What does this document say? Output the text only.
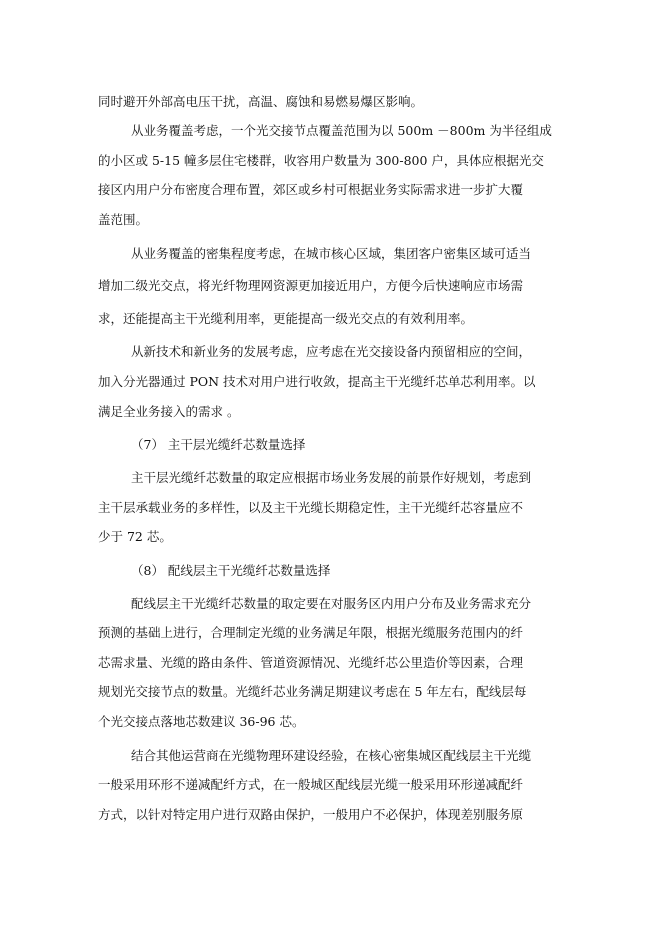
同时避开外部高电压干扰，高温、腐蚀和易燃易爆区影响。
从业务覆盖考虑，一个光交接节点覆盖范围为以 500m －800m 为半径组成
的小区或 5-15 幢多层住宅楼群，收容用户数量为 300-800 户，具体应根据光交
接区内用户分布密度合理布置，郊区或乡村可根据业务实际需求进一步扩大覆
盖范围。
从业务覆盖的密集程度考虑，在城市核心区域，集团客户密集区域可适当
增加二级光交点，将光纤物理网资源更加接近用户，方便今后快速响应市场需
求，还能提高主干光缆利用率，更能提高一级光交点的有效利用率。
从新技术和新业务的发展考虑，应考虑在光交接设备内预留相应的空间，
加入分光器通过 PON 技术对用户进行收敛，提高主干光缆纤芯单芯利用率。以
满足全业务接入的需求 。
（7） 主干层光缆纤芯数量选择
主干层光缆纤芯数量的取定应根据市场业务发展的前景作好规划，考虑到
主干层承载业务的多样性，以及主干光缆长期稳定性，主干光缆纤芯容量应不
少于 72 芯。
（8） 配线层主干光缆纤芯数量选择
配线层主干光缆纤芯数量的取定要在对服务区内用户分布及业务需求充分
预测的基础上进行，合理制定光缆的业务满足年限，根据光缆服务范围内的纤
芯需求量、光缆的路由条件、管道资源情况、光缆纤芯公里造价等因素，合理
规划光交接节点的数量。光缆纤芯业务满足期建议考虑在 5 年左右，配线层每
个光交接点落地芯数建议 36-96 芯。
结合其他运营商在光缆物理环建设经验，在核心密集城区配线层主干光缆
一般采用环形不递减配纤方式，在一般城区配线层光缆一般采用环形递减配纤
方式，以针对特定用户进行双路由保护，一般用户不必保护，体现差别服务原
